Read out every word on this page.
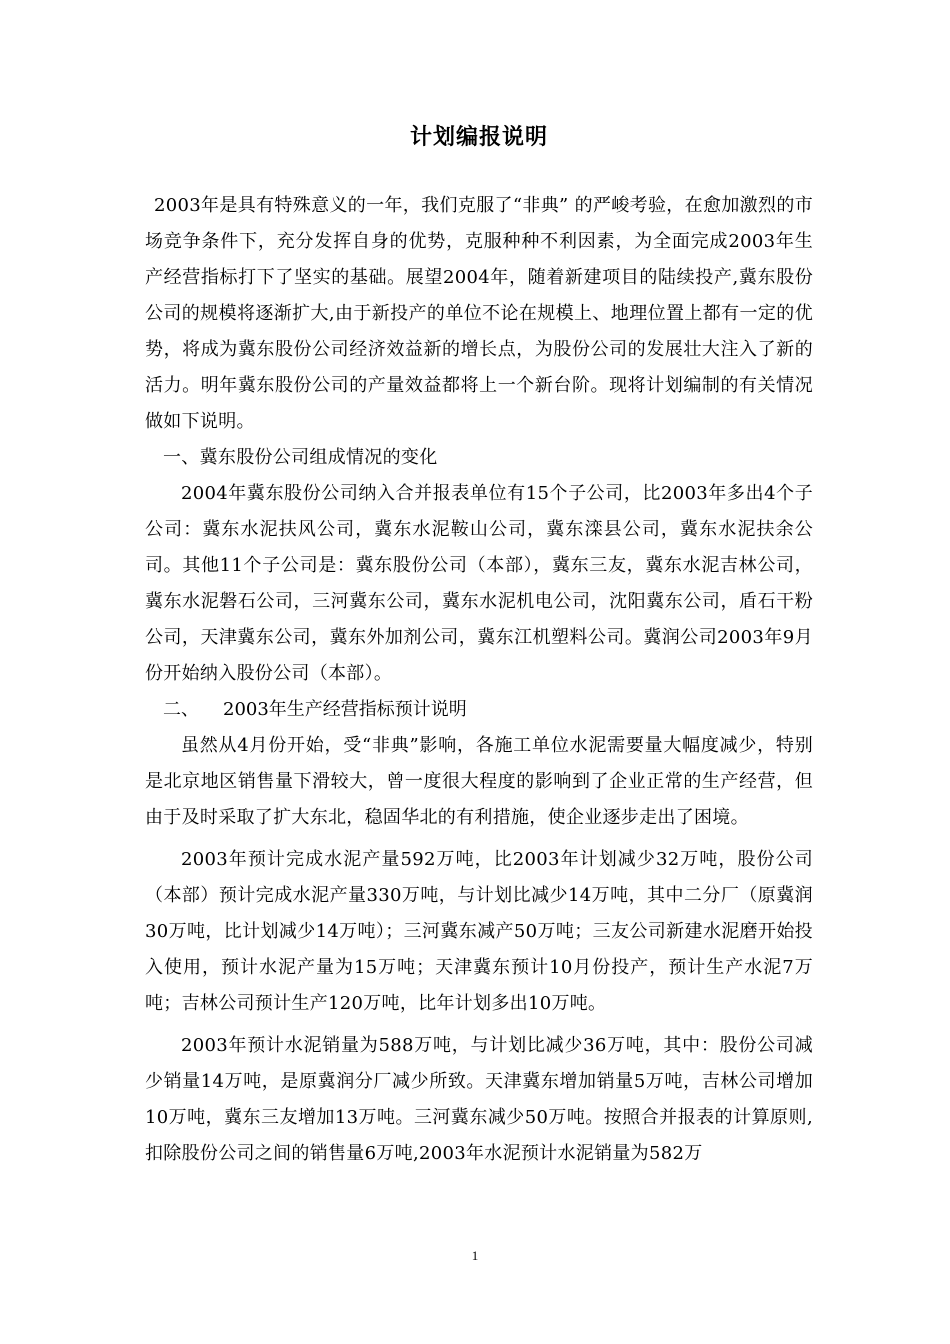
计划编报说明

2003年是具有特殊意义的一年，我们克服了“非典” 的严峻考验，在愈加激烈的市场竞争条件下，充分发挥自身的优势，克服种种不利因素，为全面完成2003年生产经营指标打下了坚实的基础。展望2004年，随着新建项目的陆续投产,冀东股份公司的规模将逐渐扩大,由于新投产的单位不论在规模上、地理位置上都有一定的优势，将成为冀东股份公司经济效益新的增长点，为股份公司的发展壮大注入了新的活力。明年冀东股份公司的产量效益都将上一个新台阶。现将计划编制的有关情况做如下说明。

一、冀东股份公司组成情况的变化

2004年冀东股份公司纳入合并报表单位有15个子公司，比2003年多出4个子公司：冀东水泥扶风公司，冀东水泥鞍山公司，冀东滦县公司，冀东水泥扶余公司。其他11个子公司是：冀东股份公司（本部），冀东三友，冀东水泥吉林公司，冀东水泥磐石公司，三河冀东公司，冀东水泥机电公司，沈阳冀东公司，盾石干粉公司，天津冀东公司，冀东外加剂公司，冀东江机塑料公司。冀润公司2003年9月份开始纳入股份公司（本部）。

二、 2003年生产经营指标预计说明

虽然从4月份开始，受“非典”影响，各施工单位水泥需要量大幅度减少，特别是北京地区销售量下滑较大，曾一度很大程度的影响到了企业正常的生产经营，但由于及时采取了扩大东北，稳固华北的有利措施，使企业逐步走出了困境。

2003年预计完成水泥产量592万吨，比2003年计划减少32万吨，股份公司（本部）预计完成水泥产量330万吨，与计划比减少14万吨，其中二分厂（原冀润30万吨，比计划减少14万吨）；三河冀东减产50万吨；三友公司新建水泥磨开始投入使用，预计水泥产量为15万吨；天津冀东预计10月份投产，预计生产水泥7万吨；吉林公司预计生产120万吨，比年计划多出10万吨。

2003年预计水泥销量为588万吨，与计划比减少36万吨，其中：股份公司减少销量14万吨，是原冀润分厂减少所致。天津冀东增加销量5万吨，吉林公司增加10万吨，冀东三友增加13万吨。三河冀东减少50万吨。按照合并报表的计算原则,扣除股份公司之间的销售量6万吨,2003年水泥预计水泥销量为582万

1
